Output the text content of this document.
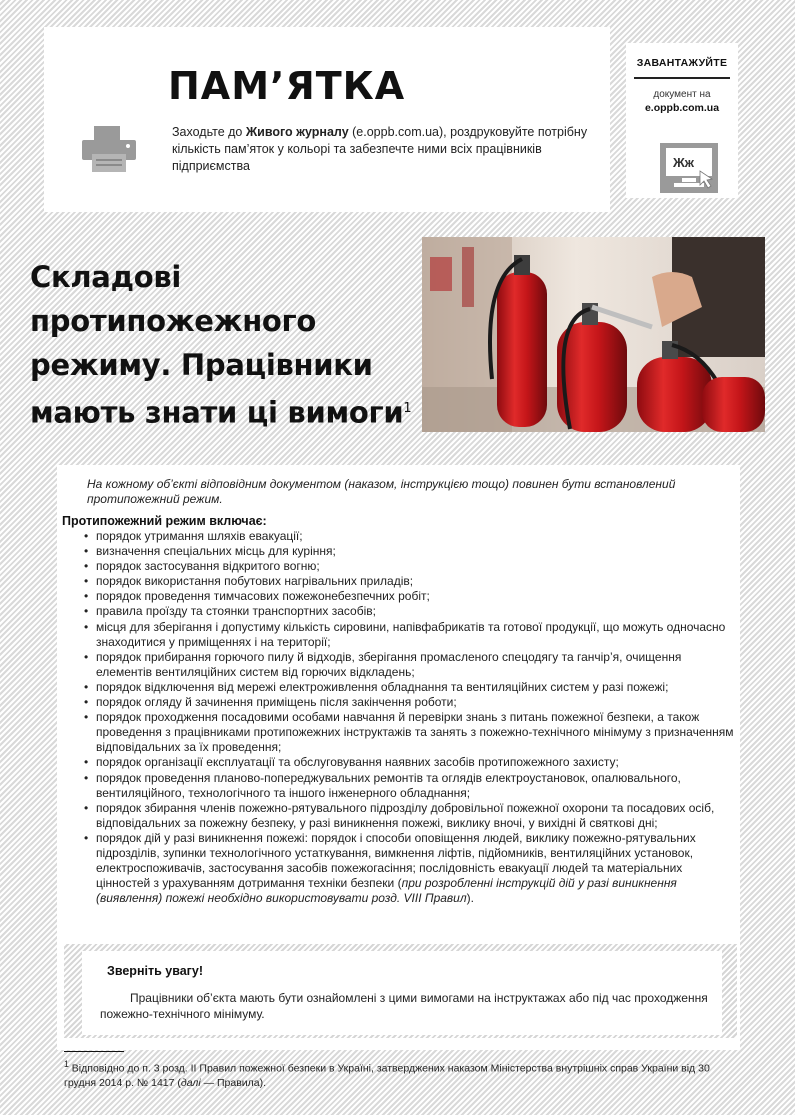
ПАМ’ЯТКА
Заходьте до Живого журналу (e.oppb.com.ua), роздруковуйте потрібну кількість пам’яток у кольорі та забезпечте ними всіх працівників підприємства
ЗАВАНТАЖУЙТЕ
документ на
e.oppb.com.ua
Жж
Складові протипожежного режиму. Працівники мають знати ці вимоги$^1$
На кожному об’єкті відповідним документом (наказом, інструкцією тощо) повинен бути встановлений протипожежний режим.
Протипожежний режим включає:
• порядок утримання шляхів евакуації;
• визначення спеціальних місць для куріння;
• порядок застосування відкритого вогню;
• порядок використання побутових нагрівальних приладів;
• порядок проведення тимчасових пожежонебезпечних робіт;
• правила проїзду та стоянки транспортних засобів;
• місця для зберігання і допустиму кількість сировини, напівфабрикатів та готової продукції, що можуть одночасно знаходитися у приміщеннях і на території;
• порядок прибирання горючого пилу й відходів, зберігання промасленого спецодягу та ганчір’я, очищення елементів вентиляційних систем від горючих відкладень;
• порядок відключення від мережі електроживлення обладнання та вентиляційних систем у разі пожежі;
• порядок огляду й зачинення приміщень після закінчення роботи;
• порядок проходження посадовими особами навчання й перевірки знань з питань пожежної безпеки, а також проведення з працівниками протипожежних інструктажів та занять з пожежно-технічного мінімуму з призначенням відповідальних за їх проведення;
• порядок організації експлуатації та обслуговування наявних засобів протипожежного захисту;
• порядок проведення планово-попереджувальних ремонтів та оглядів електроустановок, опалювального, вентиляційного, технологічного та іншого інженерного обладнання;
• порядок збирання членів пожежно-рятувального підрозділу добровільної пожежної охорони та посадових осіб, відповідальних за пожежну безпеку, у разі виникнення пожежі, виклику вночі, у вихідні й святкові дні;
• порядок дій у разі виникнення пожежі: порядок і способи оповіщення людей, виклику пожежно-рятувальних підрозділів, зупинки технологічного устаткування, вимкнення ліфтів, підйомників, вентиляційних установок, електроспоживачів, застосування засобів пожежогасіння; послідовність евакуації людей та матеріальних цінностей з урахуванням дотримання техніки безпеки (при розробленні інструкцій дій у разі виникнення (виявлення) пожежі необхідно використовувати розд. VIII Правил).
Зверніть увагу!
Працівники об’єкта мають бути ознайомлені з цими вимогами на інструктажах або під час проходження пожежно-технічного мінімуму.
$^1$ Відповідно до п. 3 розд. II Правил пожежної безпеки в Україні, затверджених наказом Міністерства внутрішніх справ України від 30 грудня 2014 р. № 1417 (далі — Правила).
